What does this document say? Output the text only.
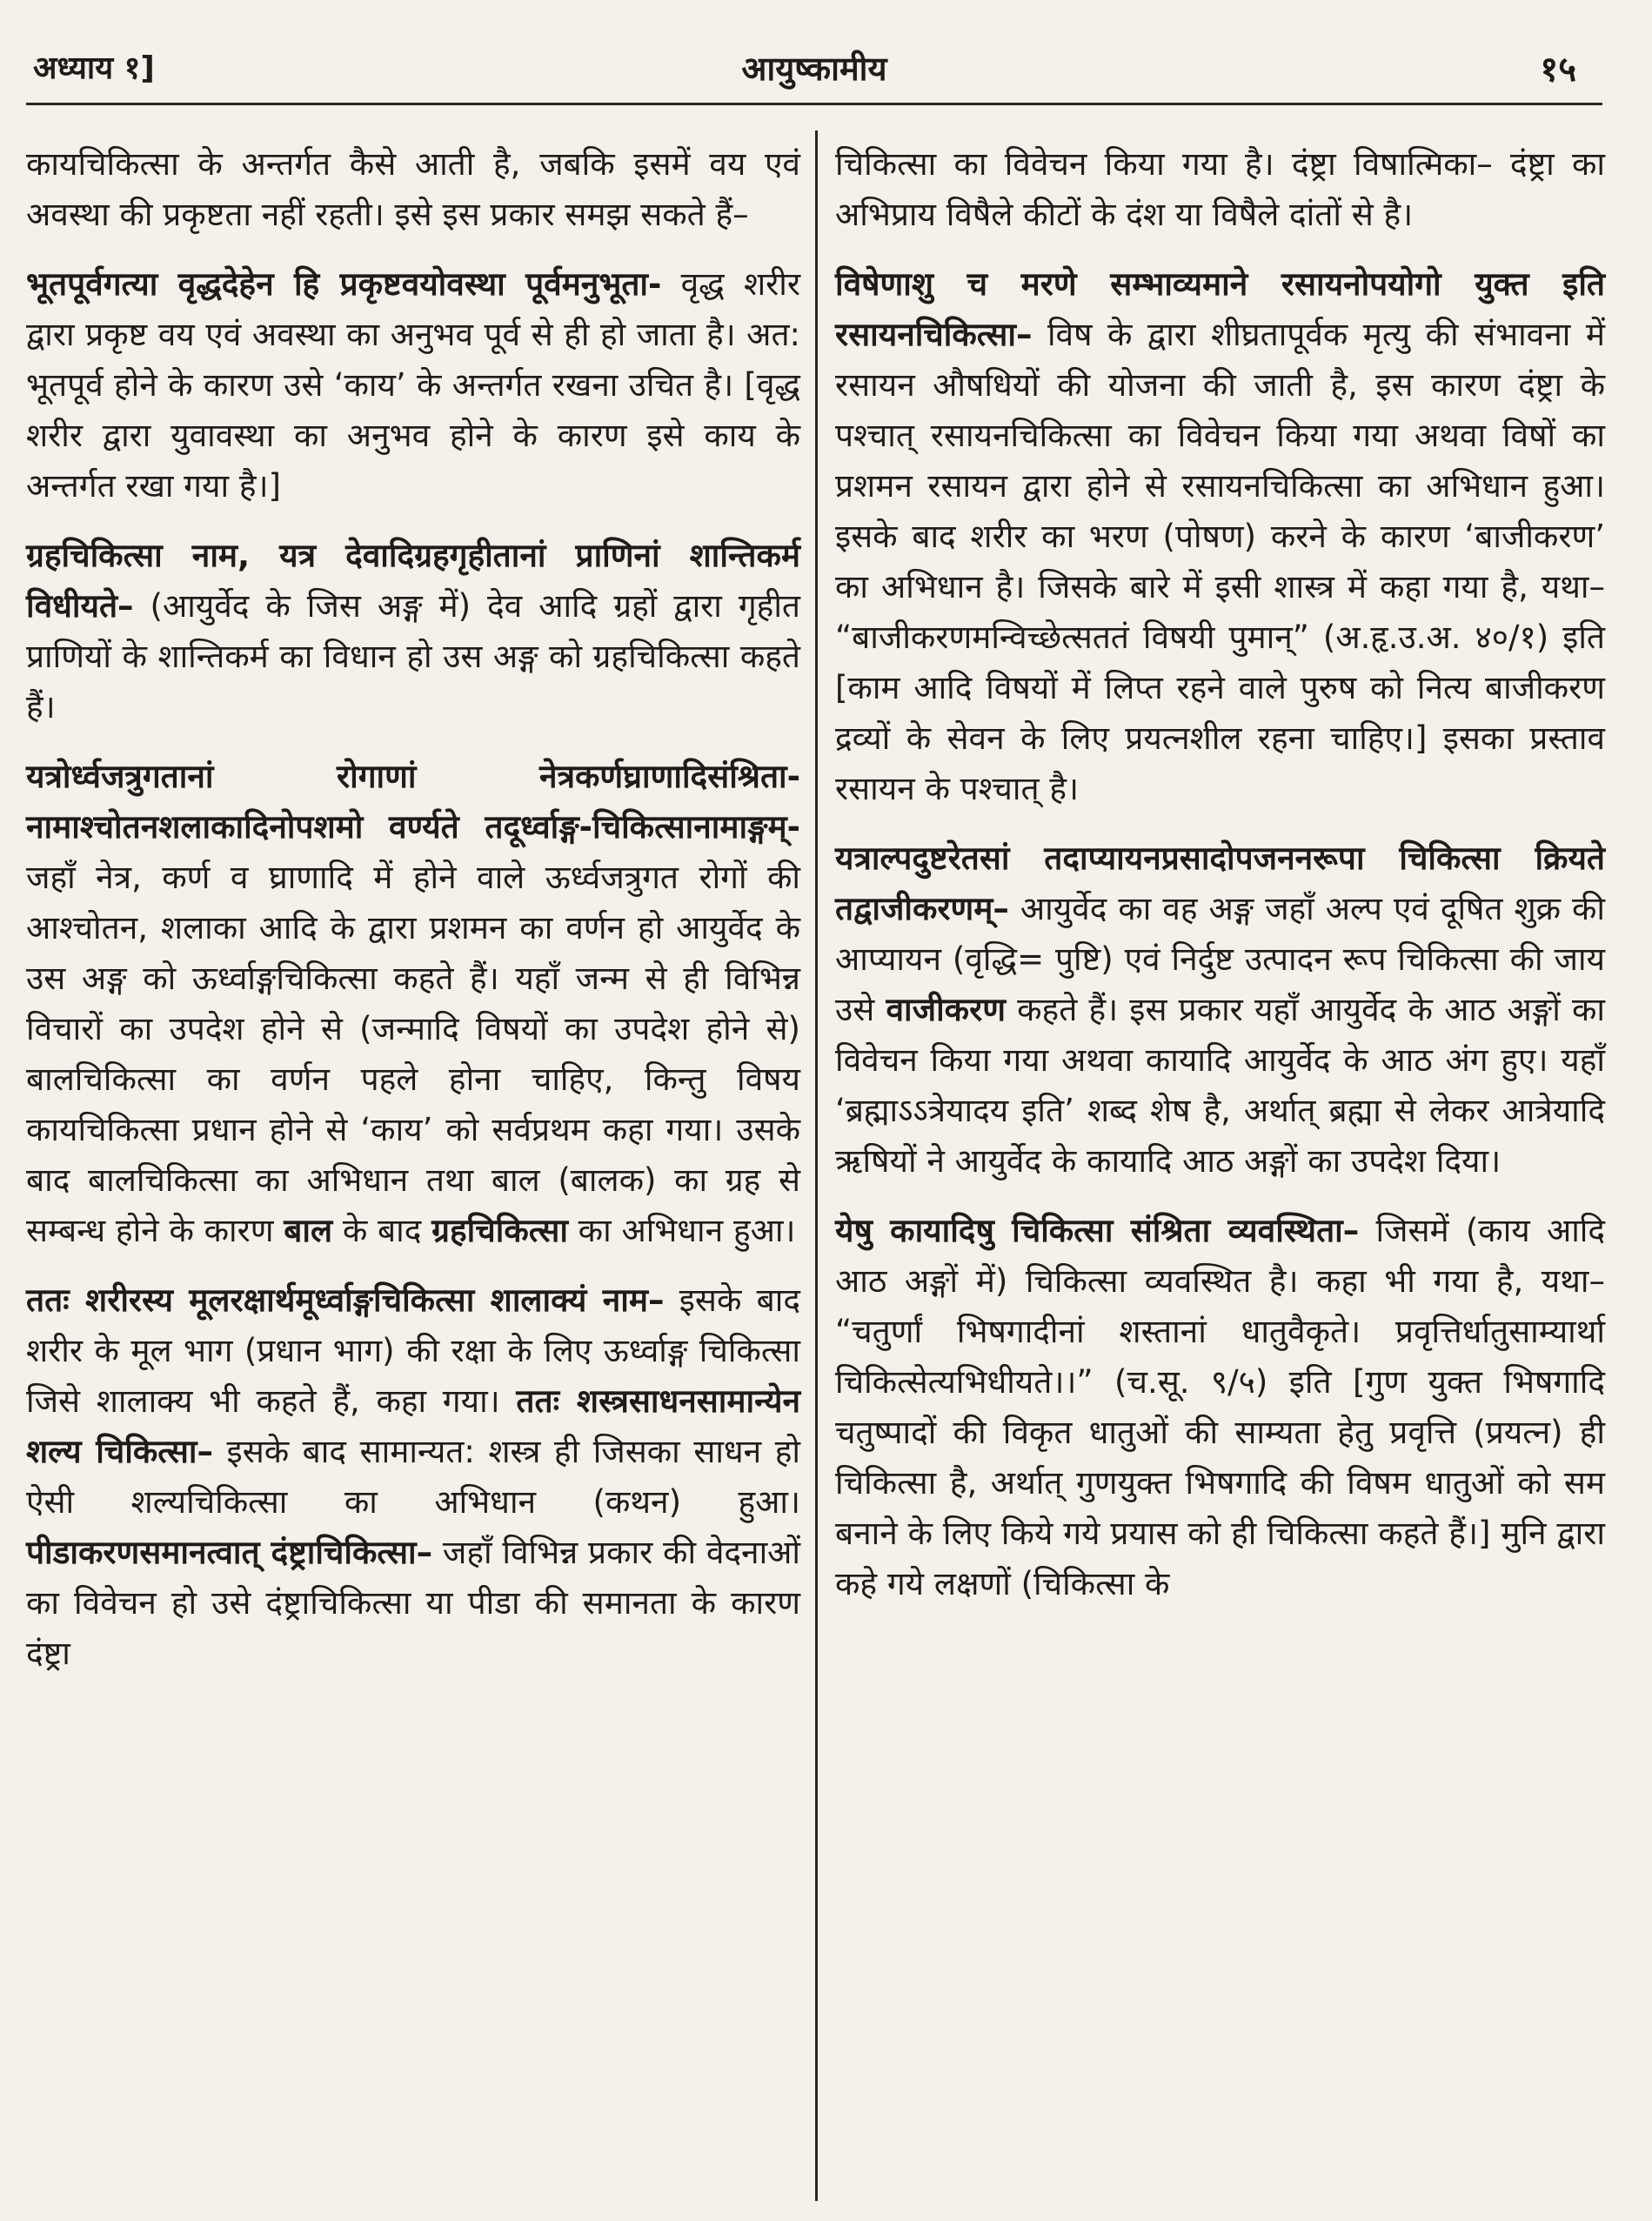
अध्याय १]	आयुष्कामीय	१५

कायचिकित्सा के अन्तर्गत कैसे आती है, जबकि इसमें वय एवं अवस्था की प्रकृष्टता नहीं रहती। इसे इस प्रकार समझ सकते हैं–

भूतपूर्वगत्या वृद्धदेहेन हि प्रकृष्टवयोवस्था पूर्वमनुभूता- वृद्ध शरीर द्वारा प्रकृष्ट वय एवं अवस्था का अनुभव पूर्व से ही हो जाता है। अत: भूतपूर्व होने के कारण उसे ‘काय’ के अन्तर्गत रखना उचित है। [वृद्ध शरीर द्वारा युवावस्था का अनुभव होने के कारण इसे काय के अन्तर्गत रखा गया है।]

ग्रहचिकित्सा नाम, यत्र देवादिग्रहगृहीतानां प्राणिनां शान्तिकर्म विधीयते– (आयुर्वेद के जिस अङ्ग में) देव आदि ग्रहों द्वारा गृहीत प्राणियों के शान्तिकर्म का विधान हो उस अङ्ग को ग्रहचिकित्सा कहते हैं।

यत्रोर्ध्वजत्रुगतानां रोगाणां नेत्रकर्णघ्राणादिसंश्रिता-नामाश्चोतनशलाकादिनोपशमो वर्ण्यते तदूर्ध्वाङ्ग-चिकित्सानामाङ्गम्- जहाँ नेत्र, कर्ण व घ्राणादि में होने वाले ऊर्ध्वजत्रुगत रोगों की आश्चोतन, शलाका आदि के द्वारा प्रशमन का वर्णन हो आयुर्वेद के उस अङ्ग को ऊर्ध्वाङ्गचिकित्सा कहते हैं। यहाँ जन्म से ही विभिन्न विचारों का उपदेश होने से (जन्मादि विषयों का उपदेश होने से) बालचिकित्सा का वर्णन पहले होना चाहिए, किन्तु विषय कायचिकित्सा प्रधान होने से ‘काय’ को सर्वप्रथम कहा गया। उसके बाद बालचिकित्सा का अभिधान तथा बाल (बालक) का ग्रह से सम्बन्ध होने के कारण बाल के बाद ग्रहचिकित्सा का अभिधान हुआ।

ततः शरीरस्य मूलरक्षार्थमूर्ध्वाङ्गचिकित्सा शालाक्यं नाम– इसके बाद शरीर के मूल भाग (प्रधान भाग) की रक्षा के लिए ऊर्ध्वाङ्ग चिकित्सा जिसे शालाक्य भी कहते हैं, कहा गया। ततः शस्त्रसाधनसामान्येन शल्य चिकित्सा– इसके बाद सामान्यत: शस्त्र ही जिसका साधन हो ऐसी शल्यचिकित्सा का अभिधान (कथन) हुआ। पीडाकरणसमानत्वात् दंष्ट्राचिकित्सा– जहाँ विभिन्न प्रकार की वेदनाओं का विवेचन हो उसे दंष्ट्राचिकित्सा या पीडा की समानता के कारण दंष्ट्रा

चिकित्सा का विवेचन किया गया है। दंष्ट्रा विषात्मिका– दंष्ट्रा का अभिप्राय विषैले कीटों के दंश या विषैले दांतों से है।

विषेणाशु च मरणे सम्भाव्यमाने रसायनोपयोगो युक्त इति रसायनचिकित्सा– विष के द्वारा शीघ्रतापूर्वक मृत्यु की संभावना में रसायन औषधियों की योजना की जाती है, इस कारण दंष्ट्रा के पश्चात् रसायनचिकित्सा का विवेचन किया गया अथवा विषों का प्रशमन रसायन द्वारा होने से रसायनचिकित्सा का अभिधान हुआ। इसके बाद शरीर का भरण (पोषण) करने के कारण ‘बाजीकरण’ का अभिधान है। जिसके बारे में इसी शास्त्र में कहा गया है, यथा– “बाजीकरणमन्विच्छेत्सततं विषयी पुमान्” (अ.हृ.उ.अ. ४०/१) इति [काम आदि विषयों में लिप्त रहने वाले पुरुष को नित्य बाजीकरण द्रव्यों के सेवन के लिए प्रयत्नशील रहना चाहिए।] इसका प्रस्ताव रसायन के पश्चात् है।

यत्राल्पदुष्टरेतसां तदाप्यायनप्रसादोपजननरूपा चिकित्सा क्रियते तद्वाजीकरणम्– आयुर्वेद का वह अङ्ग जहाँ अल्प एवं दूषित शुक्र की आप्यायन (वृद्धि= पुष्टि) एवं निर्दुष्ट उत्पादन रूप चिकित्सा की जाय उसे वाजीकरण कहते हैं। इस प्रकार यहाँ आयुर्वेद के आठ अङ्गों का विवेचन किया गया अथवा कायादि आयुर्वेद के आठ अंग हुए। यहाँ ‘ब्रह्माऽऽत्रेयादय इति’ शब्द शेष है, अर्थात् ब्रह्मा से लेकर आत्रेयादि ऋषियों ने आयुर्वेद के कायादि आठ अङ्गों का उपदेश दिया।

येषु कायादिषु चिकित्सा संश्रिता व्यवस्थिता– जिसमें (काय आदि आठ अङ्गों में) चिकित्सा व्यवस्थित है। कहा भी गया है, यथा– “चतुर्णां भिषगादीनां शस्तानां धातुवैकृते। प्रवृत्तिर्धातुसाम्यार्था चिकित्सेत्यभिधीयते।।” (च.सू. ९/५) इति [गुण युक्त भिषगादि चतुष्पादों की विकृत धातुओं की साम्यता हेतु प्रवृत्ति (प्रयत्न) ही चिकित्सा है, अर्थात् गुणयुक्त भिषगादि की विषम धातुओं को सम बनाने के लिए किये गये प्रयास को ही चिकित्सा कहते हैं।] मुनि द्वारा कहे गये लक्षणों (चिकित्सा के
